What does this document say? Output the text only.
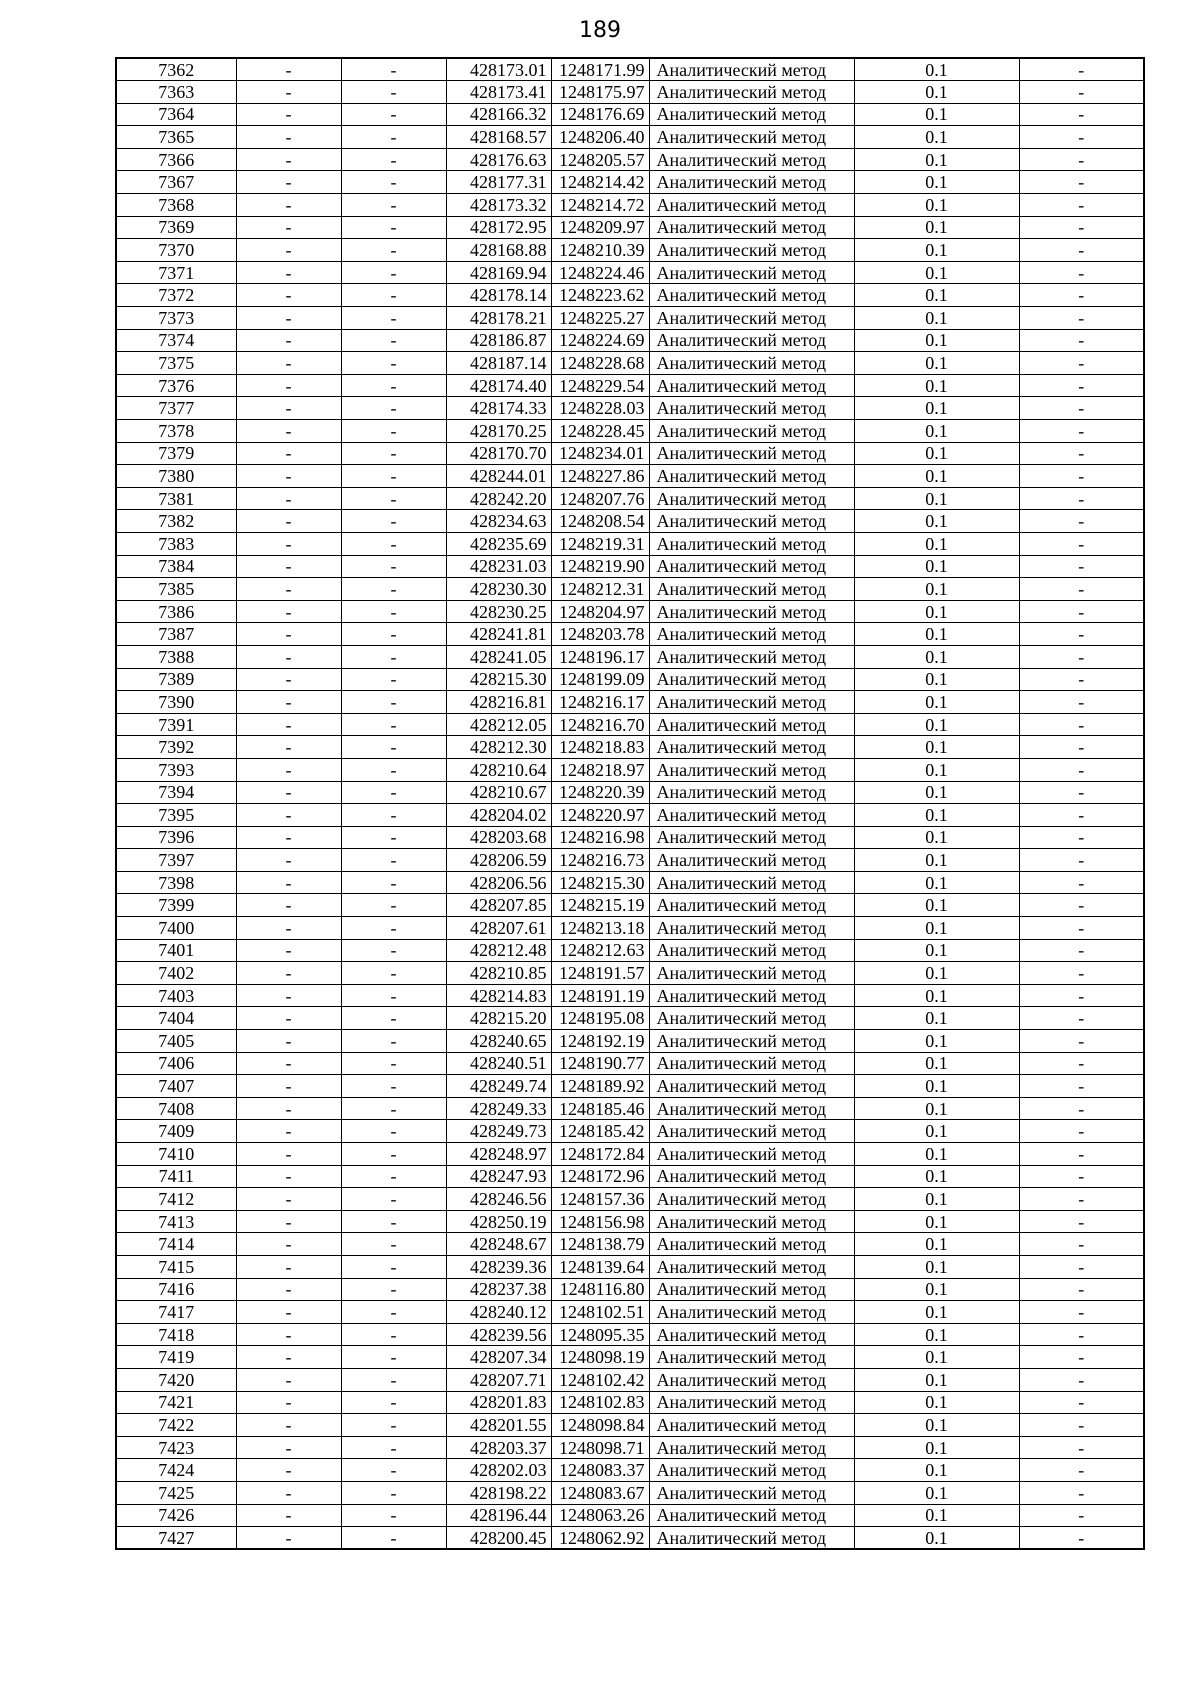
189
7362	-	-	428173.01	1248171.99	Аналитический метод	0.1	-
7363	-	-	428173.41	1248175.97	Аналитический метод	0.1	-
7364	-	-	428166.32	1248176.69	Аналитический метод	0.1	-
7365	-	-	428168.57	1248206.40	Аналитический метод	0.1	-
7366	-	-	428176.63	1248205.57	Аналитический метод	0.1	-
7367	-	-	428177.31	1248214.42	Аналитический метод	0.1	-
7368	-	-	428173.32	1248214.72	Аналитический метод	0.1	-
7369	-	-	428172.95	1248209.97	Аналитический метод	0.1	-
7370	-	-	428168.88	1248210.39	Аналитический метод	0.1	-
7371	-	-	428169.94	1248224.46	Аналитический метод	0.1	-
7372	-	-	428178.14	1248223.62	Аналитический метод	0.1	-
7373	-	-	428178.21	1248225.27	Аналитический метод	0.1	-
7374	-	-	428186.87	1248224.69	Аналитический метод	0.1	-
7375	-	-	428187.14	1248228.68	Аналитический метод	0.1	-
7376	-	-	428174.40	1248229.54	Аналитический метод	0.1	-
7377	-	-	428174.33	1248228.03	Аналитический метод	0.1	-
7378	-	-	428170.25	1248228.45	Аналитический метод	0.1	-
7379	-	-	428170.70	1248234.01	Аналитический метод	0.1	-
7380	-	-	428244.01	1248227.86	Аналитический метод	0.1	-
7381	-	-	428242.20	1248207.76	Аналитический метод	0.1	-
7382	-	-	428234.63	1248208.54	Аналитический метод	0.1	-
7383	-	-	428235.69	1248219.31	Аналитический метод	0.1	-
7384	-	-	428231.03	1248219.90	Аналитический метод	0.1	-
7385	-	-	428230.30	1248212.31	Аналитический метод	0.1	-
7386	-	-	428230.25	1248204.97	Аналитический метод	0.1	-
7387	-	-	428241.81	1248203.78	Аналитический метод	0.1	-
7388	-	-	428241.05	1248196.17	Аналитический метод	0.1	-
7389	-	-	428215.30	1248199.09	Аналитический метод	0.1	-
7390	-	-	428216.81	1248216.17	Аналитический метод	0.1	-
7391	-	-	428212.05	1248216.70	Аналитический метод	0.1	-
7392	-	-	428212.30	1248218.83	Аналитический метод	0.1	-
7393	-	-	428210.64	1248218.97	Аналитический метод	0.1	-
7394	-	-	428210.67	1248220.39	Аналитический метод	0.1	-
7395	-	-	428204.02	1248220.97	Аналитический метод	0.1	-
7396	-	-	428203.68	1248216.98	Аналитический метод	0.1	-
7397	-	-	428206.59	1248216.73	Аналитический метод	0.1	-
7398	-	-	428206.56	1248215.30	Аналитический метод	0.1	-
7399	-	-	428207.85	1248215.19	Аналитический метод	0.1	-
7400	-	-	428207.61	1248213.18	Аналитический метод	0.1	-
7401	-	-	428212.48	1248212.63	Аналитический метод	0.1	-
7402	-	-	428210.85	1248191.57	Аналитический метод	0.1	-
7403	-	-	428214.83	1248191.19	Аналитический метод	0.1	-
7404	-	-	428215.20	1248195.08	Аналитический метод	0.1	-
7405	-	-	428240.65	1248192.19	Аналитический метод	0.1	-
7406	-	-	428240.51	1248190.77	Аналитический метод	0.1	-
7407	-	-	428249.74	1248189.92	Аналитический метод	0.1	-
7408	-	-	428249.33	1248185.46	Аналитический метод	0.1	-
7409	-	-	428249.73	1248185.42	Аналитический метод	0.1	-
7410	-	-	428248.97	1248172.84	Аналитический метод	0.1	-
7411	-	-	428247.93	1248172.96	Аналитический метод	0.1	-
7412	-	-	428246.56	1248157.36	Аналитический метод	0.1	-
7413	-	-	428250.19	1248156.98	Аналитический метод	0.1	-
7414	-	-	428248.67	1248138.79	Аналитический метод	0.1	-
7415	-	-	428239.36	1248139.64	Аналитический метод	0.1	-
7416	-	-	428237.38	1248116.80	Аналитический метод	0.1	-
7417	-	-	428240.12	1248102.51	Аналитический метод	0.1	-
7418	-	-	428239.56	1248095.35	Аналитический метод	0.1	-
7419	-	-	428207.34	1248098.19	Аналитический метод	0.1	-
7420	-	-	428207.71	1248102.42	Аналитический метод	0.1	-
7421	-	-	428201.83	1248102.83	Аналитический метод	0.1	-
7422	-	-	428201.55	1248098.84	Аналитический метод	0.1	-
7423	-	-	428203.37	1248098.71	Аналитический метод	0.1	-
7424	-	-	428202.03	1248083.37	Аналитический метод	0.1	-
7425	-	-	428198.22	1248083.67	Аналитический метод	0.1	-
7426	-	-	428196.44	1248063.26	Аналитический метод	0.1	-
7427	-	-	428200.45	1248062.92	Аналитический метод	0.1	-
